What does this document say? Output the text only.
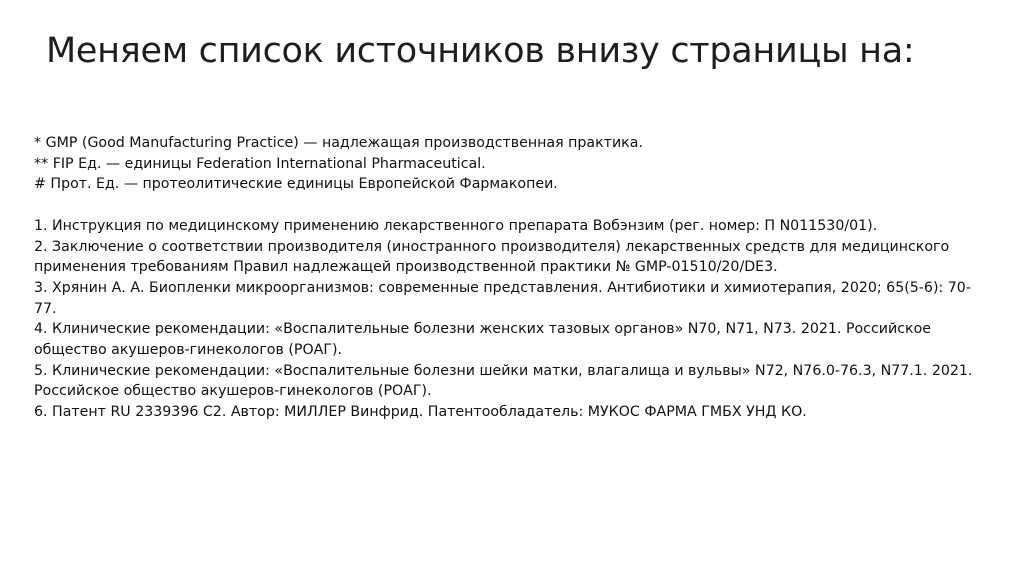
Меняем список источников внизу страницы на:
* GMP (Good Manufacturing Practice) — надлежащая производственная практика.
** FIP Ед. — единицы Federation International Pharmaceutical.
# Прот. Ед. — протеолитические единицы Европейской Фармакопеи.
1. Инструкция по медицинскому применению лекарственного препарата Вобэнзим (рег. номер: П N011530/01).
2. Заключение о соответствии производителя (иностранного производителя) лекарственных средств для медицинского
применения требованиям Правил надлежащей производственной практики № GMP-01510/20/DE3.
3. Хрянин А. А. Биопленки микроорганизмов: современные представления. Антибиотики и химиотерапия, 2020; 65(5-6): 70-
77.
4. Клинические рекомендации: «Воспалительные болезни женских тазовых органов» N70, N71, N73. 2021. Российское
общество акушеров-гинекологов (РОАГ).
5. Клинические рекомендации: «Воспалительные болезни шейки матки, влагалища и вульвы» N72, N76.0-76.3, N77.1. 2021.
Российское общество акушеров-гинекологов (РОАГ).
6. Патент RU 2339396 C2. Автор: МИЛЛЕР Винфрид. Патентообладатель: МУКОС ФАРМА ГМБХ УНД КО.
